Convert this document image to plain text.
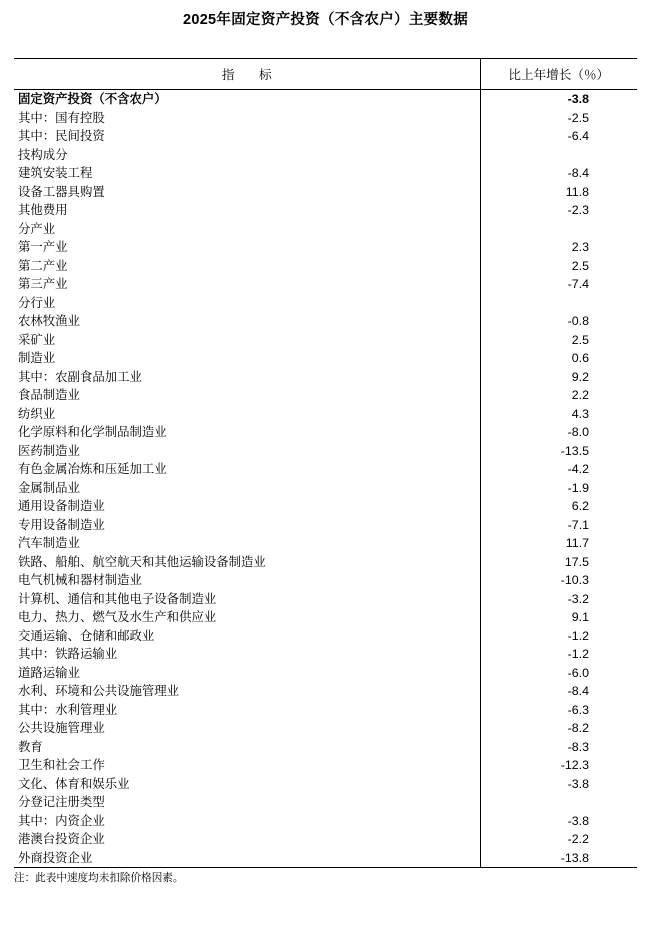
2025年固定资产投资（不含农户）主要数据
指　标	比上年增长（％）
固定资产投资（不含农户）	-3.8
其中：国有控股	-2.5
其中：民间投资	-6.4
技构成分	
建筑安装工程	-8.4
设备工器具购置	11.8
其他费用	-2.3
分产业	
第一产业	2.3
第二产业	2.5
第三产业	-7.4
分行业	
农林牧渔业	-0.8
采矿业	2.5
制造业	0.6
其中：农副食品加工业	9.2
食品制造业	2.2
纺织业	4.3
化学原料和化学制品制造业	-8.0
医药制造业	-13.5
有色金属冶炼和压延加工业	-4.2
金属制品业	-1.9
通用设备制造业	6.2
专用设备制造业	-7.1
汽车制造业	11.7
铁路、船舶、航空航天和其他运输设备制造业	17.5
电气机械和器材制造业	-10.3
计算机、通信和其他电子设备制造业	-3.2
电力、热力、燃气及水生产和供应业	9.1
交通运输、仓储和邮政业	-1.2
其中：铁路运输业	-1.2
道路运输业	-6.0
水利、环境和公共设施管理业	-8.4
其中：水利管理业	-6.3
公共设施管理业	-8.2
教育	-8.3
卫生和社会工作	-12.3
文化、体育和娱乐业	-3.8
分登记注册类型	
其中：内资企业	-3.8
港澳台投资企业	-2.2
外商投资企业	-13.8
注：此表中速度均未扣除价格因素。
